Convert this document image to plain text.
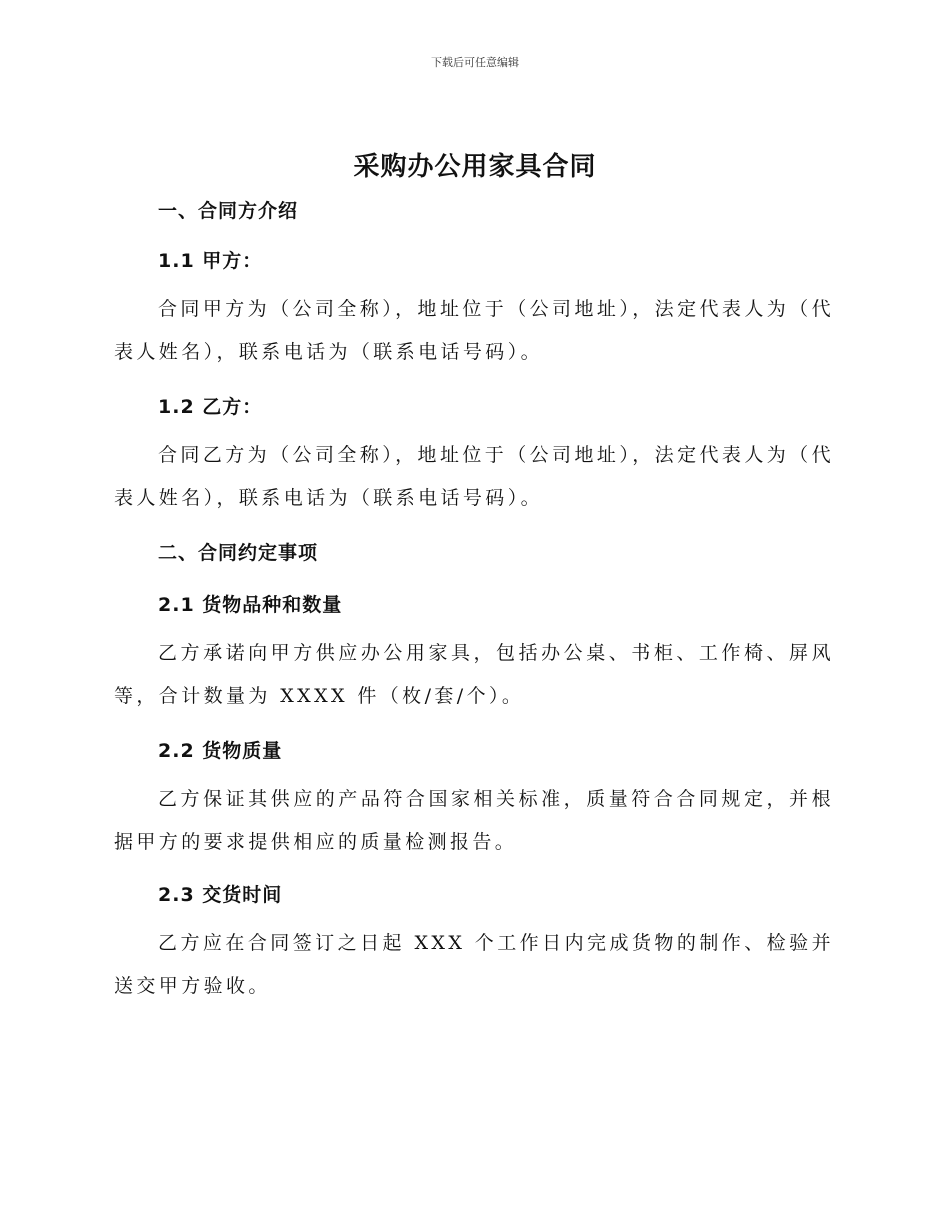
下载后可任意编辑
采购办公用家具合同
一、合同方介绍
1.1 甲方：
合同甲方为（公司全称），地址位于（公司地址），法定代表人为（代表人姓名），联系电话为（联系电话号码）。
1.2 乙方：
合同乙方为（公司全称），地址位于（公司地址），法定代表人为（代表人姓名），联系电话为（联系电话号码）。
二、合同约定事项
2.1 货物品种和数量
乙方承诺向甲方供应办公用家具，包括办公桌、书柜、工作椅、屏风等，合计数量为 XXXX 件（枚/套/个）。
2.2 货物质量
乙方保证其供应的产品符合国家相关标准，质量符合合同规定，并根据甲方的要求提供相应的质量检测报告。
2.3 交货时间
乙方应在合同签订之日起 XXX 个工作日内完成货物的制作、检验并送交甲方验收。
